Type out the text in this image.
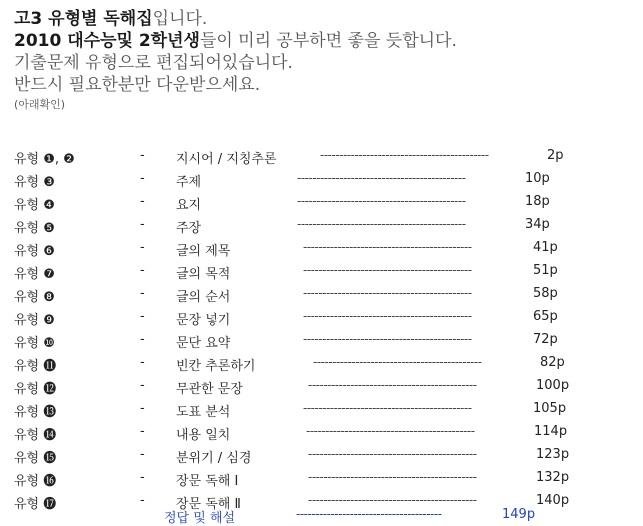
고3 유형별 독해집입니다.
2010 대수능및 2학년생들이 미리 공부하면 좋을 듯합니다.
기출문제 유형으로 편집되어있습니다.
반드시 필요한분만 다운받으세요.
(아래확인)
유형 ❶, ❷	- 지시어 / 지칭추론	--------------------------------------------	2p
유형 ❸	- 주제	--------------------------------------------	10p
유형 ❹	- 요지	--------------------------------------------	18p
유형 ❺	- 주장	--------------------------------------------	34p
유형 ❻	- 글의 제목	--------------------------------------------	41p
유형 ❼	- 글의 목적	--------------------------------------------	51p
유형 ❽	- 글의 순서	--------------------------------------------	58p
유형 ❾	- 문장 넣기	--------------------------------------------	65p
유형 ❿	- 문단 요약	--------------------------------------------	72p
유형 ⓫	- 빈칸 추론하기	--------------------------------------------	82p
유형 ⓬	- 무관한 문장	--------------------------------------------	100p
유형 ⓭	- 도표 분석	--------------------------------------------	105p
유형 ⓮	- 내용 일치	--------------------------------------------	114p
유형 ⓯	- 분위기 / 심경	--------------------------------------------	123p
유형 ⓰	- 장문 독해 Ⅰ	--------------------------------------------	132p
유형 ⓱	- 장문 독해 Ⅱ	--------------------------------------------	140p
정답 및 해설	--------------------------------------	149p
